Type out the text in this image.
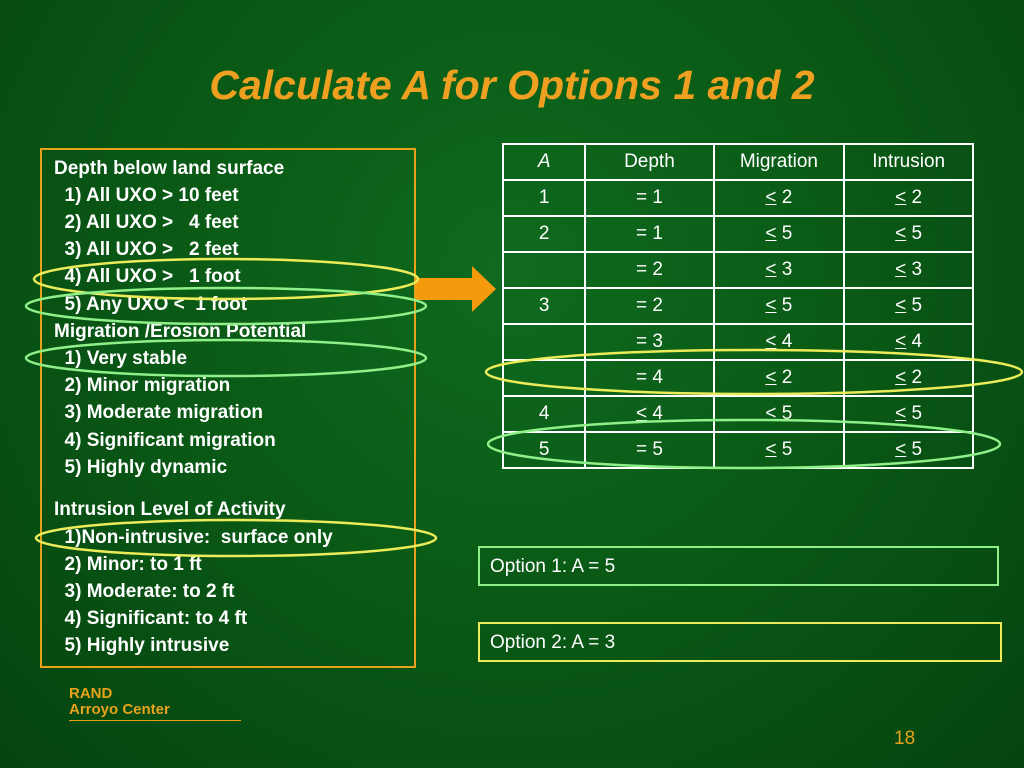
Calculate A for Options 1 and 2
Depth below land surface
1) All UXO > 10 feet
2) All UXO >   4 feet
3) All UXO >   2 feet
4) All UXO >   1 foot
5) Any UXO <  1 foot
Migration /Erosion Potential
1) Very stable
2) Minor migration
3) Moderate migration
4) Significant migration
5) Highly dynamic
Intrusion Level of Activity
1)Non-intrusive:  surface only
2) Minor: to 1 ft
3) Moderate: to 2 ft
4) Significant: to 4 ft
5) Highly intrusive
A	Depth	Migration	Intrusion
1	= 1	< 2	< 2
2	= 1	< 5	< 5
	= 2	< 3	< 3
3	= 2	< 5	< 5
	= 3	< 4	< 4
	= 4	< 2	< 2
4	< 4	< 5	< 5
5	= 5	< 5	< 5
Option 1: A = 5
Option 2: A = 3
RAND
Arroyo Center
18
